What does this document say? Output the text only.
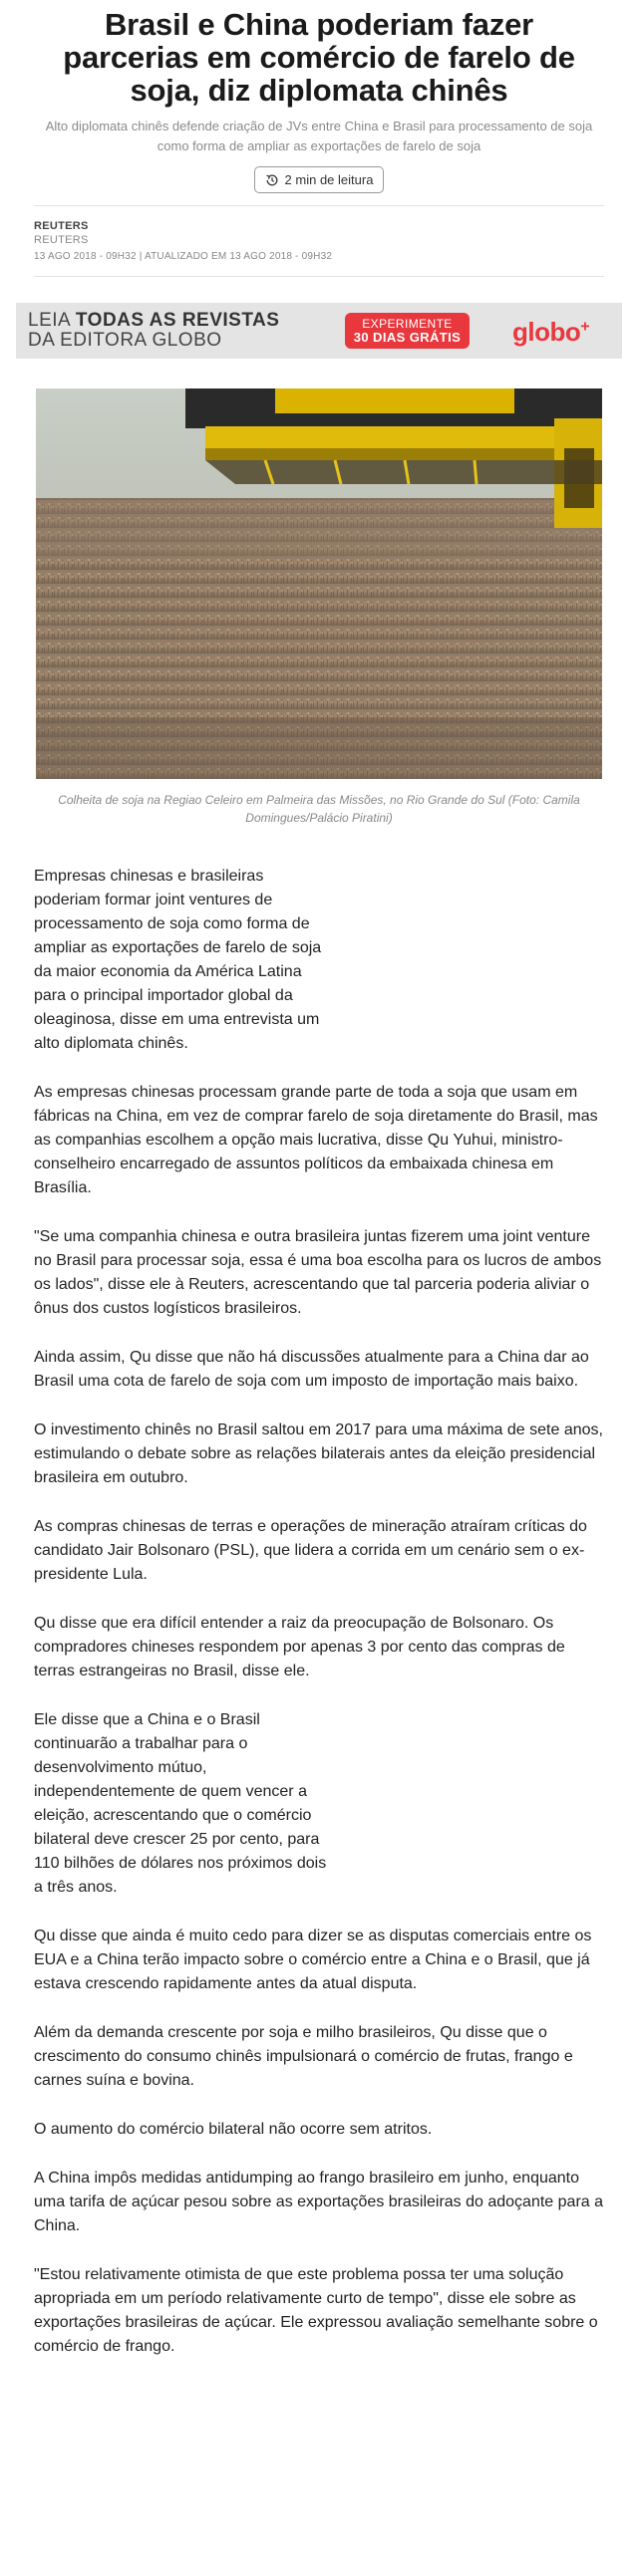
Brasil e China poderiam fazer parcerias em comércio de farelo de soja, diz diplomata chinês

Alto diplomata chinês defende criação de JVs entre China e Brasil para processamento de soja como forma de ampliar as exportações de farelo de soja

2 min de leitura
REUTERS
REUTERS
13 AGO 2018 - 09H32 | ATUALIZADO EM 13 AGO 2018 - 09H32
LEIA TODAS AS REVISTAS
DA EDITORA GLOBO
EXPERIMENTE
30 DIAS GRÁTIS	globo+

Colheita de soja na Regiao Celeiro em Palmeira das Missões, no Rio Grande do Sul (Foto: Camila Domingues/Palácio Piratini)

Empresas chinesas e brasileiras poderiam formar joint ventures de processamento de soja como forma de ampliar as exportações de farelo de soja da maior economia da América Latina para o principal importador global da oleaginosa, disse em uma entrevista um alto diplomata chinês.

As empresas chinesas processam grande parte de toda a soja que usam em fábricas na China, em vez de comprar farelo de soja diretamente do Brasil, mas as companhias escolhem a opção mais lucrativa, disse Qu Yuhui, ministro-conselheiro encarregado de assuntos políticos da embaixada chinesa em Brasília.

"Se uma companhia chinesa e outra brasileira juntas fizerem uma joint venture no Brasil para processar soja, essa é uma boa escolha para os lucros de ambos os lados", disse ele à Reuters, acrescentando que tal parceria poderia aliviar o ônus dos custos logísticos brasileiros.

Ainda assim, Qu disse que não há discussões atualmente para a China dar ao Brasil uma cota de farelo de soja com um imposto de importação mais baixo.

O investimento chinês no Brasil saltou em 2017 para uma máxima de sete anos, estimulando o debate sobre as relações bilaterais antes da eleição presidencial brasileira em outubro.

As compras chinesas de terras e operações de mineração atraíram críticas do candidato Jair Bolsonaro (PSL), que lidera a corrida em um cenário sem o ex-presidente Lula.

Qu disse que era difícil entender a raiz da preocupação de Bolsonaro. Os compradores chineses respondem por apenas 3 por cento das compras de terras estrangeiras no Brasil, disse ele.

Ele disse que a China e o Brasil continuarão a trabalhar para o desenvolvimento mútuo, independentemente de quem vencer a eleição, acrescentando que o comércio bilateral deve crescer 25 por cento, para 110 bilhões de dólares nos próximos dois a três anos.

Qu disse que ainda é muito cedo para dizer se as disputas comerciais entre os EUA e a China terão impacto sobre o comércio entre a China e o Brasil, que já estava crescendo rapidamente antes da atual disputa.

Além da demanda crescente por soja e milho brasileiros, Qu disse que o crescimento do consumo chinês impulsionará o comércio de frutas, frango e carnes suína e bovina.

O aumento do comércio bilateral não ocorre sem atritos.

A China impôs medidas antidumping ao frango brasileiro em junho, enquanto uma tarifa de açúcar pesou sobre as exportações brasileiras do adoçante para a China.

"Estou relativamente otimista de que este problema possa ter uma solução apropriada em um período relativamente curto de tempo", disse ele sobre as exportações brasileiras de açúcar. Ele expressou avaliação semelhante sobre o comércio de frango.
